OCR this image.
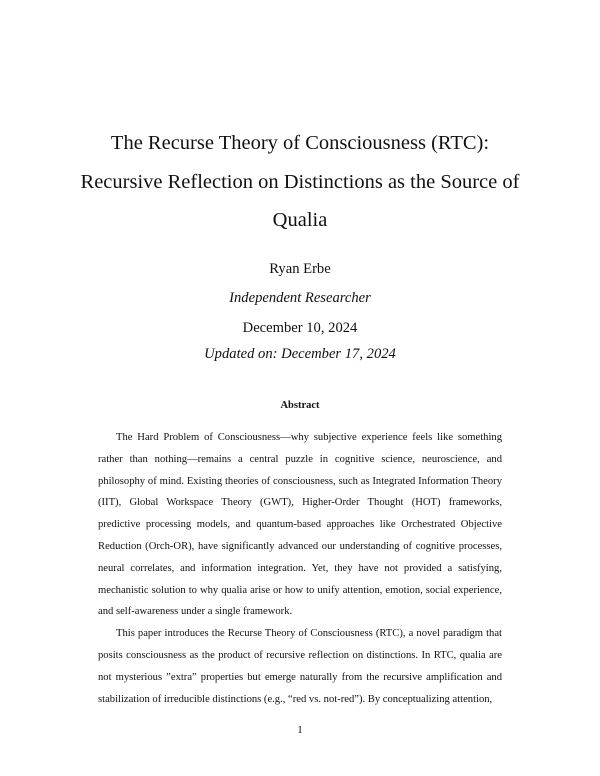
The Recurse Theory of Consciousness (RTC):
Recursive Reflection on Distinctions as the Source of
Qualia
Ryan Erbe
Independent Researcher
December 10, 2024
Updated on: December 17, 2024
Abstract

The Hard Problem of Consciousness—why subjective experience feels like something rather than nothing—remains a central puzzle in cognitive science, neuroscience, and philosophy of mind. Existing theories of consciousness, such as Integrated Information Theory (IIT), Global Workspace Theory (GWT), Higher-Order Thought (HOT) frameworks, predictive processing models, and quantum-based approaches like Orchestrated Objective Reduction (Orch-OR), have significantly advanced our understanding of cognitive processes, neural correlates, and information integration. Yet, they have not provided a satisfying, mechanistic solution to why qualia arise or how to unify attention, emotion, social experience, and self-awareness under a single framework.

This paper introduces the Recurse Theory of Consciousness (RTC), a novel paradigm that posits consciousness as the product of recursive reflection on distinctions. In RTC, qualia are not mysterious ”extra” properties but emerge naturally from the recursive amplification and stabilization of irreducible distinctions (e.g., “red vs. not-red”). By conceptualizing attention,

1
